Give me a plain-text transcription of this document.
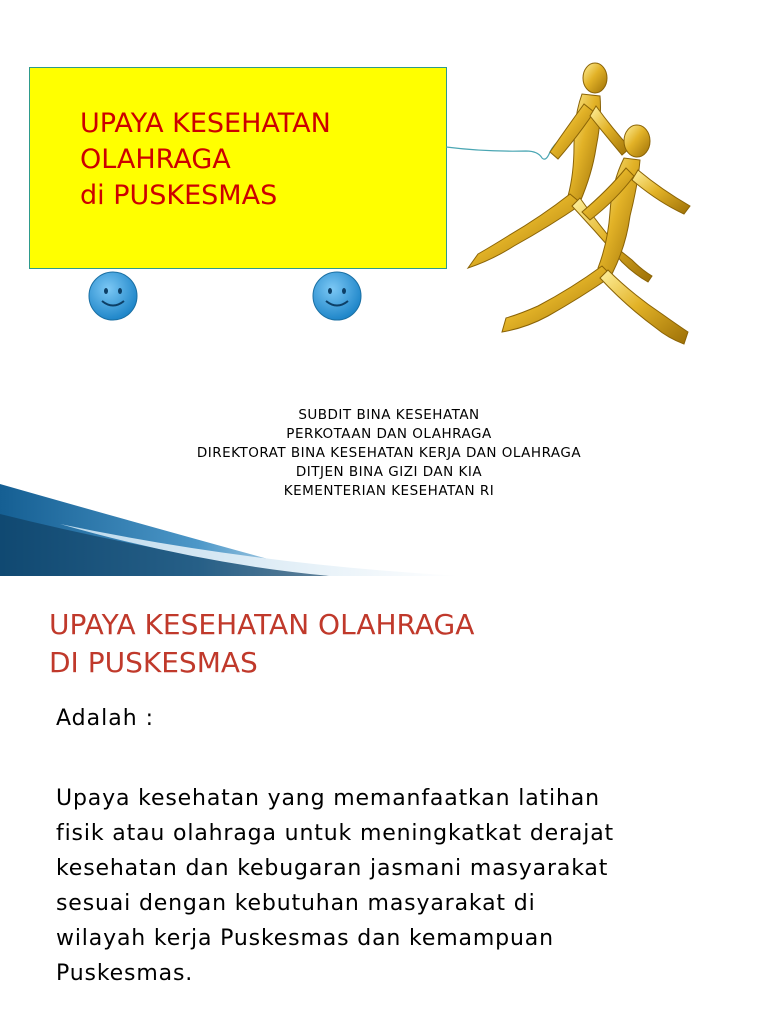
UPAYA KESEHATAN
OLAHRAGA
di PUSKESMAS
SUBDIT BINA KESEHATAN
PERKOTAAN DAN OLAHRAGA
DIREKTORAT BINA KESEHATAN KERJA DAN OLAHRAGA
DITJEN BINA GIZI DAN KIA
KEMENTERIAN KESEHATAN RI
UPAYA KESEHATAN OLAHRAGA
DI PUSKESMAS
Adalah :
Upaya kesehatan yang memanfaatkan latihan
fisik atau olahraga untuk meningkatkat derajat
kesehatan dan kebugaran jasmani masyarakat
sesuai dengan kebutuhan masyarakat di
wilayah kerja Puskesmas dan kemampuan
Puskesmas.
